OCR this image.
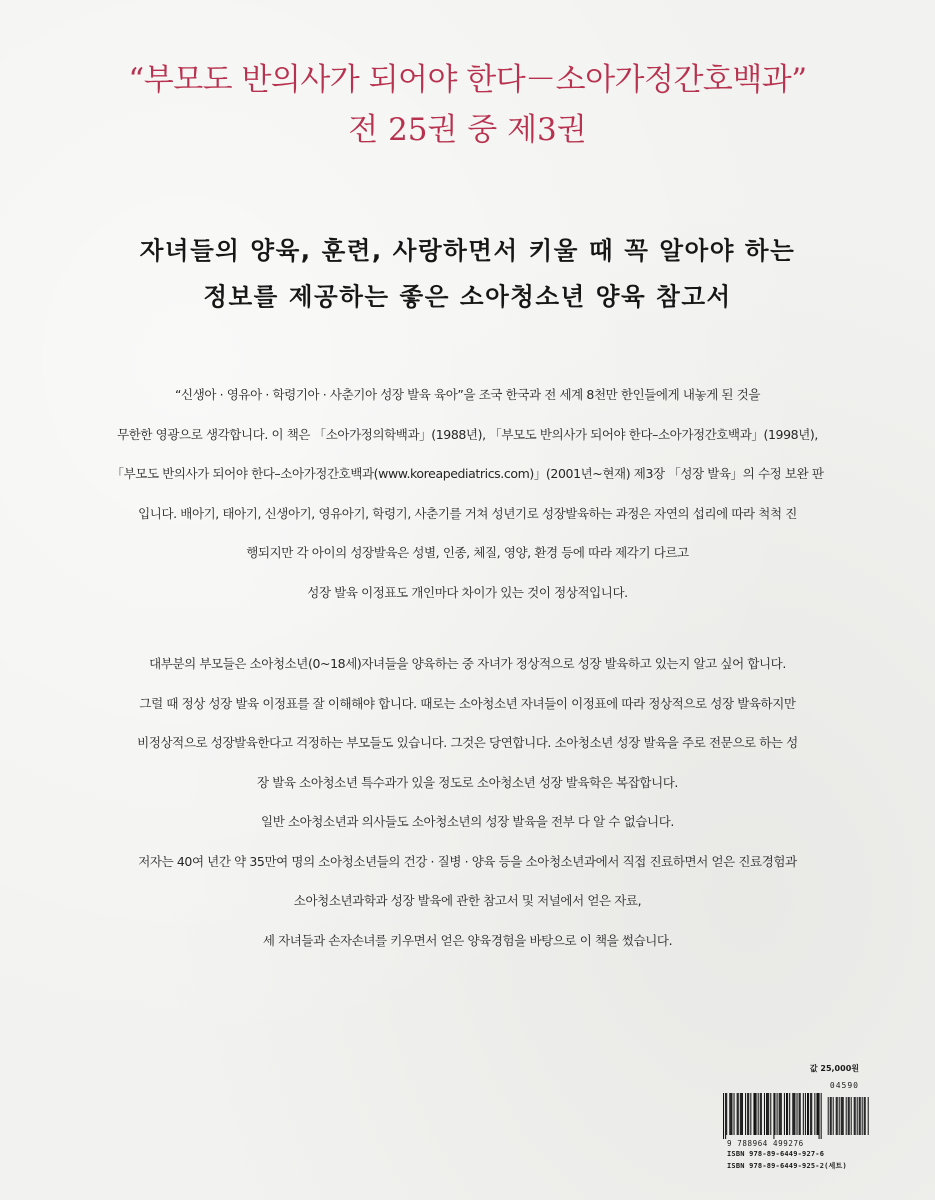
“부모도 반의사가 되어야 한다－소아가정간호백과”
전 25권 중 제3권
자녀들의 양육, 훈련, 사랑하면서 키울 때 꼭 알아야 하는
정보를 제공하는 좋은 소아청소년 양육 참고서
“신생아 · 영유아 · 학령기아 · 사춘기아 성장 발육 육아”을 조국 한국과 전 세계 8천만 한인들에게 내놓게 된 것을
무한한 영광으로 생각합니다. 이 책은 「소아가정의학백과」(1988년), 「부모도 반의사가 되어야 한다–소아가정간호백과」(1998년),
「부모도 반의사가 되어야 한다–소아가정간호백과(www.koreapediatrics.com)」(2001년~현재) 제3장 「성장 발육」의 수정 보완 판
입니다. 배아기, 태아기, 신생아기, 영유아기, 학령기, 사춘기를 거쳐 성년기로 성장발육하는 과정은 자연의 섭리에 따라 척척 진
행되지만 각 아이의 성장발육은 성별, 인종, 체질, 영양, 환경 등에 따라 제각기 다르고
성장 발육 이정표도 개인마다 차이가 있는 것이 정상적입니다.
대부분의 부모들은 소아청소년(0~18세)자녀들을 양육하는 중 자녀가 정상적으로 성장 발육하고 있는지 알고 싶어 합니다.
그럴 때 정상 성장 발육 이정표를 잘 이해해야 합니다. 때로는 소아청소년 자녀들이 이정표에 따라 정상적으로 성장 발육하지만
비정상적으로 성장발육한다고 걱정하는 부모들도 있습니다. 그것은 당연합니다. 소아청소년 성장 발육을 주로 전문으로 하는 성
장 발육 소아청소년 특수과가 있을 정도로 소아청소년 성장 발육학은 복잡합니다.
일반 소아청소년과 의사들도 소아청소년의 성장 발육을 전부 다 알 수 없습니다.
저자는 40여 년간 약 35만여 명의 소아청소년들의 건강 · 질병 · 양육 등을 소아청소년과에서 직접 진료하면서 얻은 진료경험과
소아청소년과학과 성장 발육에 관한 참고서 및 저널에서 얻은 자료,
세 자녀들과 손자손녀를 키우면서 얻은 양육경험을 바탕으로 이 책을 썼습니다.
값 25,000원
04590
9 788964 499276
ISBN 978-89-6449-927-6
ISBN 978-89-6449-925-2(세트)
